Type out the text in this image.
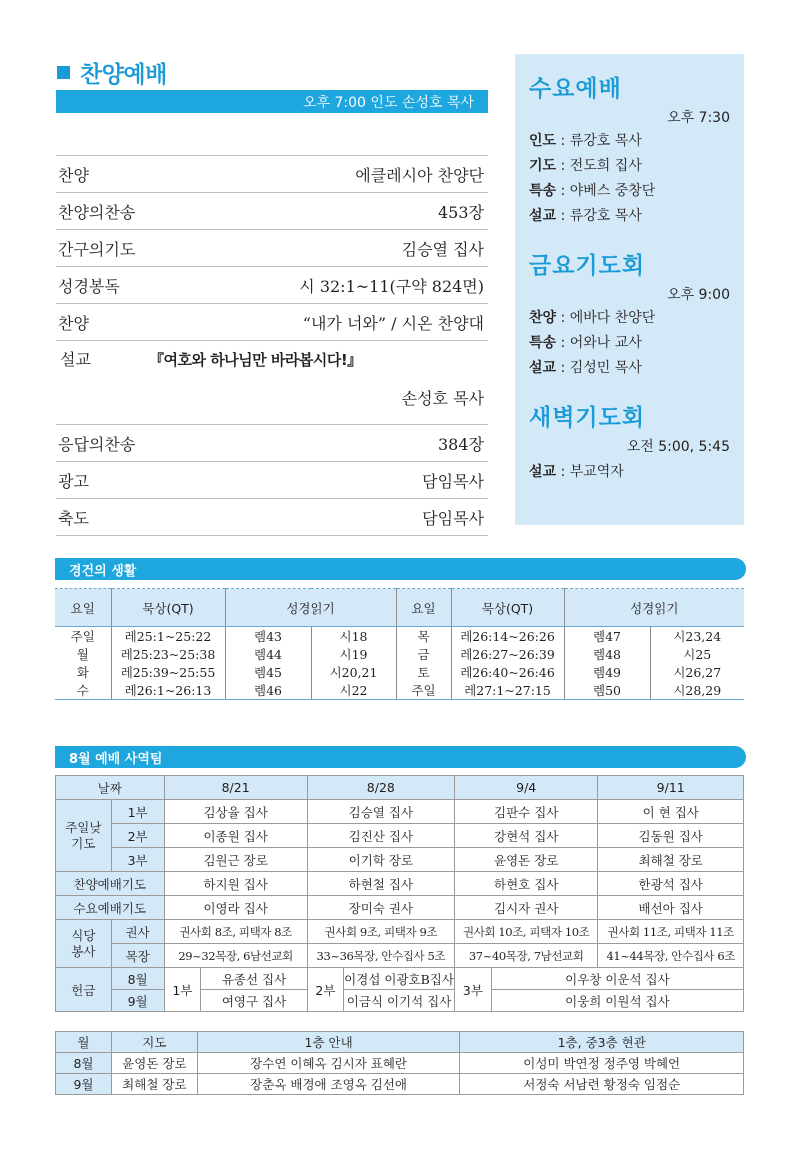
찬양예배
오후 7:00 인도 손성호 목사
찬양	에클레시아 찬양단
찬양의찬송	453장
간구의기도	김승열 집사
성경봉독	시 32:1~11(구약 824면)
찬양	“내가 너와” / 시온 찬양대
설교	『여호와 하나님만 바라봅시다!』
손성호 목사
응답의찬송	384장
광고	담임목사
축도	담임목사
수요예배
오후 7:30
인도 : 류강호 목사
기도 : 전도희 집사
특송 : 야베스 중창단
설교 : 류강호 목사
금요기도회
오후 9:00
찬양 : 에바다 찬양단
특송 : 어와나 교사
설교 : 김성민 목사
새벽기도회
오전 5:00, 5:45
설교 : 부교역자
경건의 생활
요일	묵상(QT)	성경읽기		요일	묵상(QT)	성경읽기	
주일	레25:1~25:22	렘43	시18	목	레26:14~26:26	렘47	시23,24
월	레25:23~25:38	렘44	시19	금	레26:27~26:39	렘48	시25
화	레25:39~25:55	렘45	시20,21	토	레26:40~26:46	렘49	시26,27
수	레26:1~26:13	렘46	시22	주일	레27:1~27:15	렘50	시28,29
8월 예배 사역팀
날짜		8/21		8/28		9/4		9/11
주일낮
기도	1부	김상율 집사		김승열 집사		김판수 집사		이 현 집사
	2부	이종원 집사		김진산 집사		강현석 집사		김동원 집사
	3부	김원근 장로		이기학 장로		윤영돈 장로		최해철 장로
찬양예배기도		하지원 집사		하현철 집사		하현호 집사		한광석 집사
수요예배기도		이영라 집사		장미숙 권사		김시자 권사		배선아 집사
식당
봉사	권사	권사회 8조, 피택자 8조		권사회 9조, 피택자 9조		권사회 10조, 피택자 10조		권사회 11조, 피택자 11조
	목장	29~32목장, 6남선교회		33~36목장, 안수집사 5조		37~40목장, 7남선교회		41~44목장, 안수집사 6조
헌금	8월	1부	유종선 집사	2부	이경섭 이광호B집사	3부	이우창 이운석 집사	
	9월		여영구 집사		이금식 이기석 집사		이웅희 이원석 집사	
월	지도	1층 안내	1층, 중3층 현관
8월	윤영돈 장로	장수연 이혜옥 김시자 표혜란	이성미 박연정 정주영 박혜언
9월	최해철 장로	장춘옥 배경애 조영옥 김선애	서정숙 서남련 황정숙 임점순
